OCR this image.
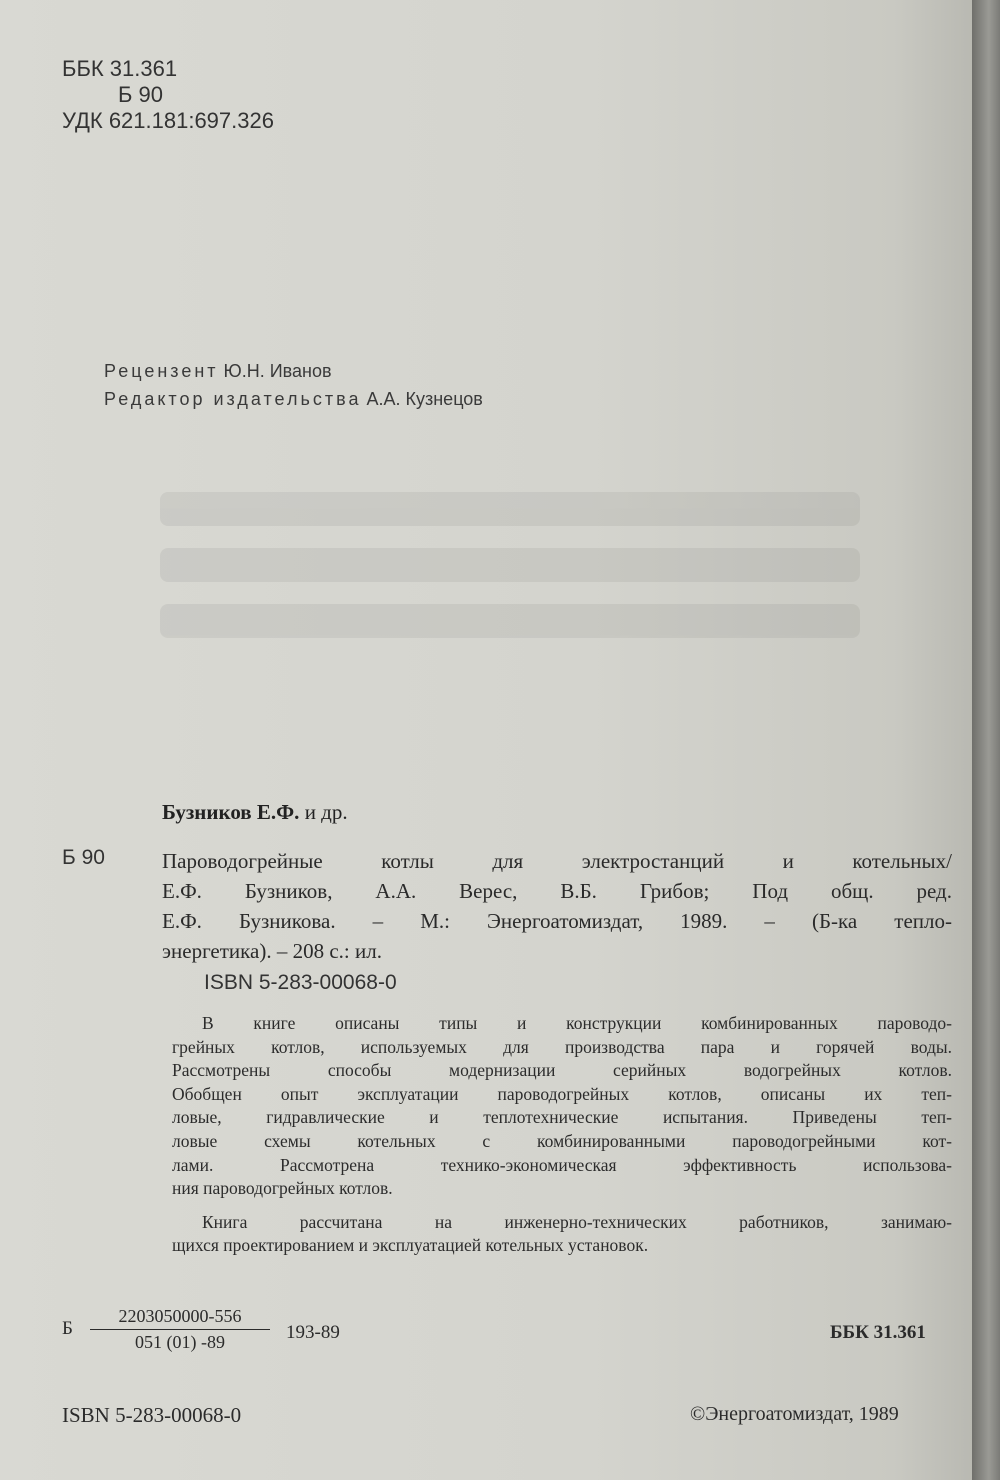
ББК 31.361
Б 90
УДК 621.181:697.326
Рецензент Ю.Н. Иванов
Редактор издательства А.А. Кузнецов
Бузников Е.Ф. и др.
Б 90	Пароводогрейные котлы для электростанций и котельных/
Е.Ф. Бузников, А.А. Верес, В.Б. Грибов; Под общ. ред.
Е.Ф. Бузникова. – М.: Энергоатомиздат, 1989. – (Б-ка тепло-
энергетика). – 208 с.: ил.
ISBN 5-283-00068-0
В книге описаны типы и конструкции комбинированных пароводо-
грейных котлов, используемых для производства пара и горячей воды.
Рассмотрены способы модернизации серийных водогрейных котлов.
Обобщен опыт эксплуатации пароводогрейных котлов, описаны их теп-
ловые, гидравлические и теплотехнические испытания. Приведены теп-
ловые схемы котельных с комбинированными пароводогрейными кот-
лами. Рассмотрена технико-экономическая эффективность использова-
ния пароводогрейных котлов.
Книга рассчитана на инженерно-технических работников, занимаю-
щихся проектированием и эксплуатацией котельных установок.
Б $\frac{2203050000-556}{051 (01) -89} 193-89$	ББК 31.361
ISBN 5-283-00068-0	©Энергоатомиздат, 1989
